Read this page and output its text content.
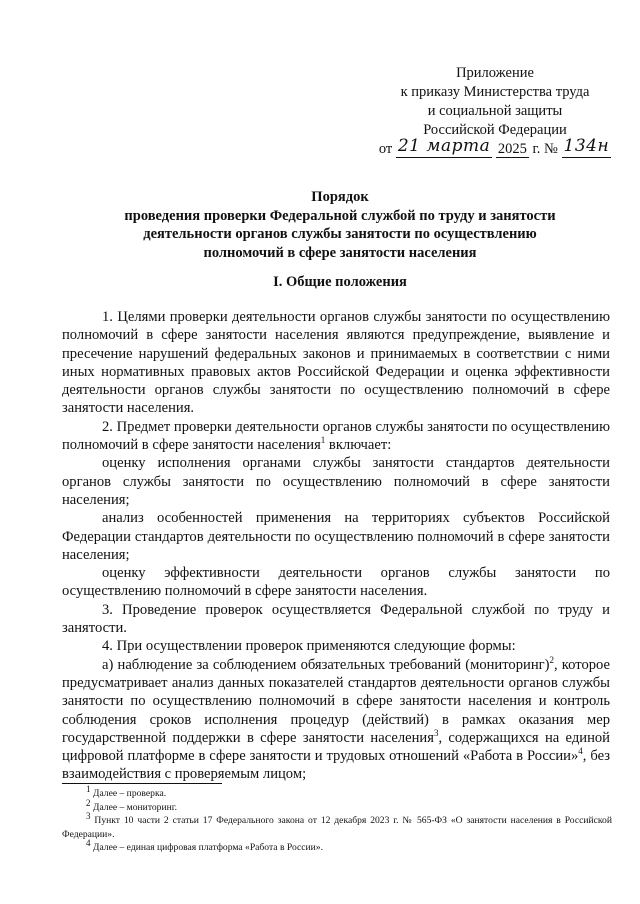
Приложение
к приказу Министерства труда
и социальной защиты
Российской Федерации
от 21 марта 2025 г. № 134н
Порядок
проведения проверки Федеральной службой по труду и занятости
деятельности органов службы занятости по осуществлению
полномочий в сфере занятости населения
I. Общие положения

1. Целями проверки деятельности органов службы занятости по осуществлению полномочий в сфере занятости населения являются предупреждение, выявление и пресечение нарушений федеральных законов и принимаемых в соответствии с ними иных нормативных правовых актов Российской Федерации и оценка эффективности деятельности органов службы занятости по осуществлению полномочий в сфере занятости населения.

2. Предмет проверки деятельности органов службы занятости по осуществлению полномочий в сфере занятости населения$^1$ включает:

оценку исполнения органами службы занятости стандартов деятельности органов службы занятости по осуществлению полномочий в сфере занятости населения;

анализ особенностей применения на территориях субъектов Российской Федерации стандартов деятельности по осуществлению полномочий в сфере занятости населения;

оценку эффективности деятельности органов службы занятости по осуществлению полномочий в сфере занятости населения.

3. Проведение проверок осуществляется Федеральной службой по труду и занятости.

4. При осуществлении проверок применяются следующие формы:

а) наблюдение за соблюдением обязательных требований (мониторинг)$^2$, которое предусматривает анализ данных показателей стандартов деятельности органов службы занятости по осуществлению полномочий в сфере занятости населения и контроль соблюдения сроков исполнения процедур (действий) в рамках оказания мер государственной поддержки в сфере занятости населения$^3$, содержащихся на единой цифровой платформе в сфере занятости и трудовых отношений «Работа в России»$^4$, без взаимодействия с проверяемым лицом;

$^1$ Далее – проверка.

$^2$ Далее – мониторинг.

$^3$ Пункт 10 части 2 статьи 17 Федерального закона от 12 декабря 2023 г. № 565-ФЗ «О занятости населения в Российской Федерации».

$^4$ Далее – единая цифровая платформа «Работа в России».
